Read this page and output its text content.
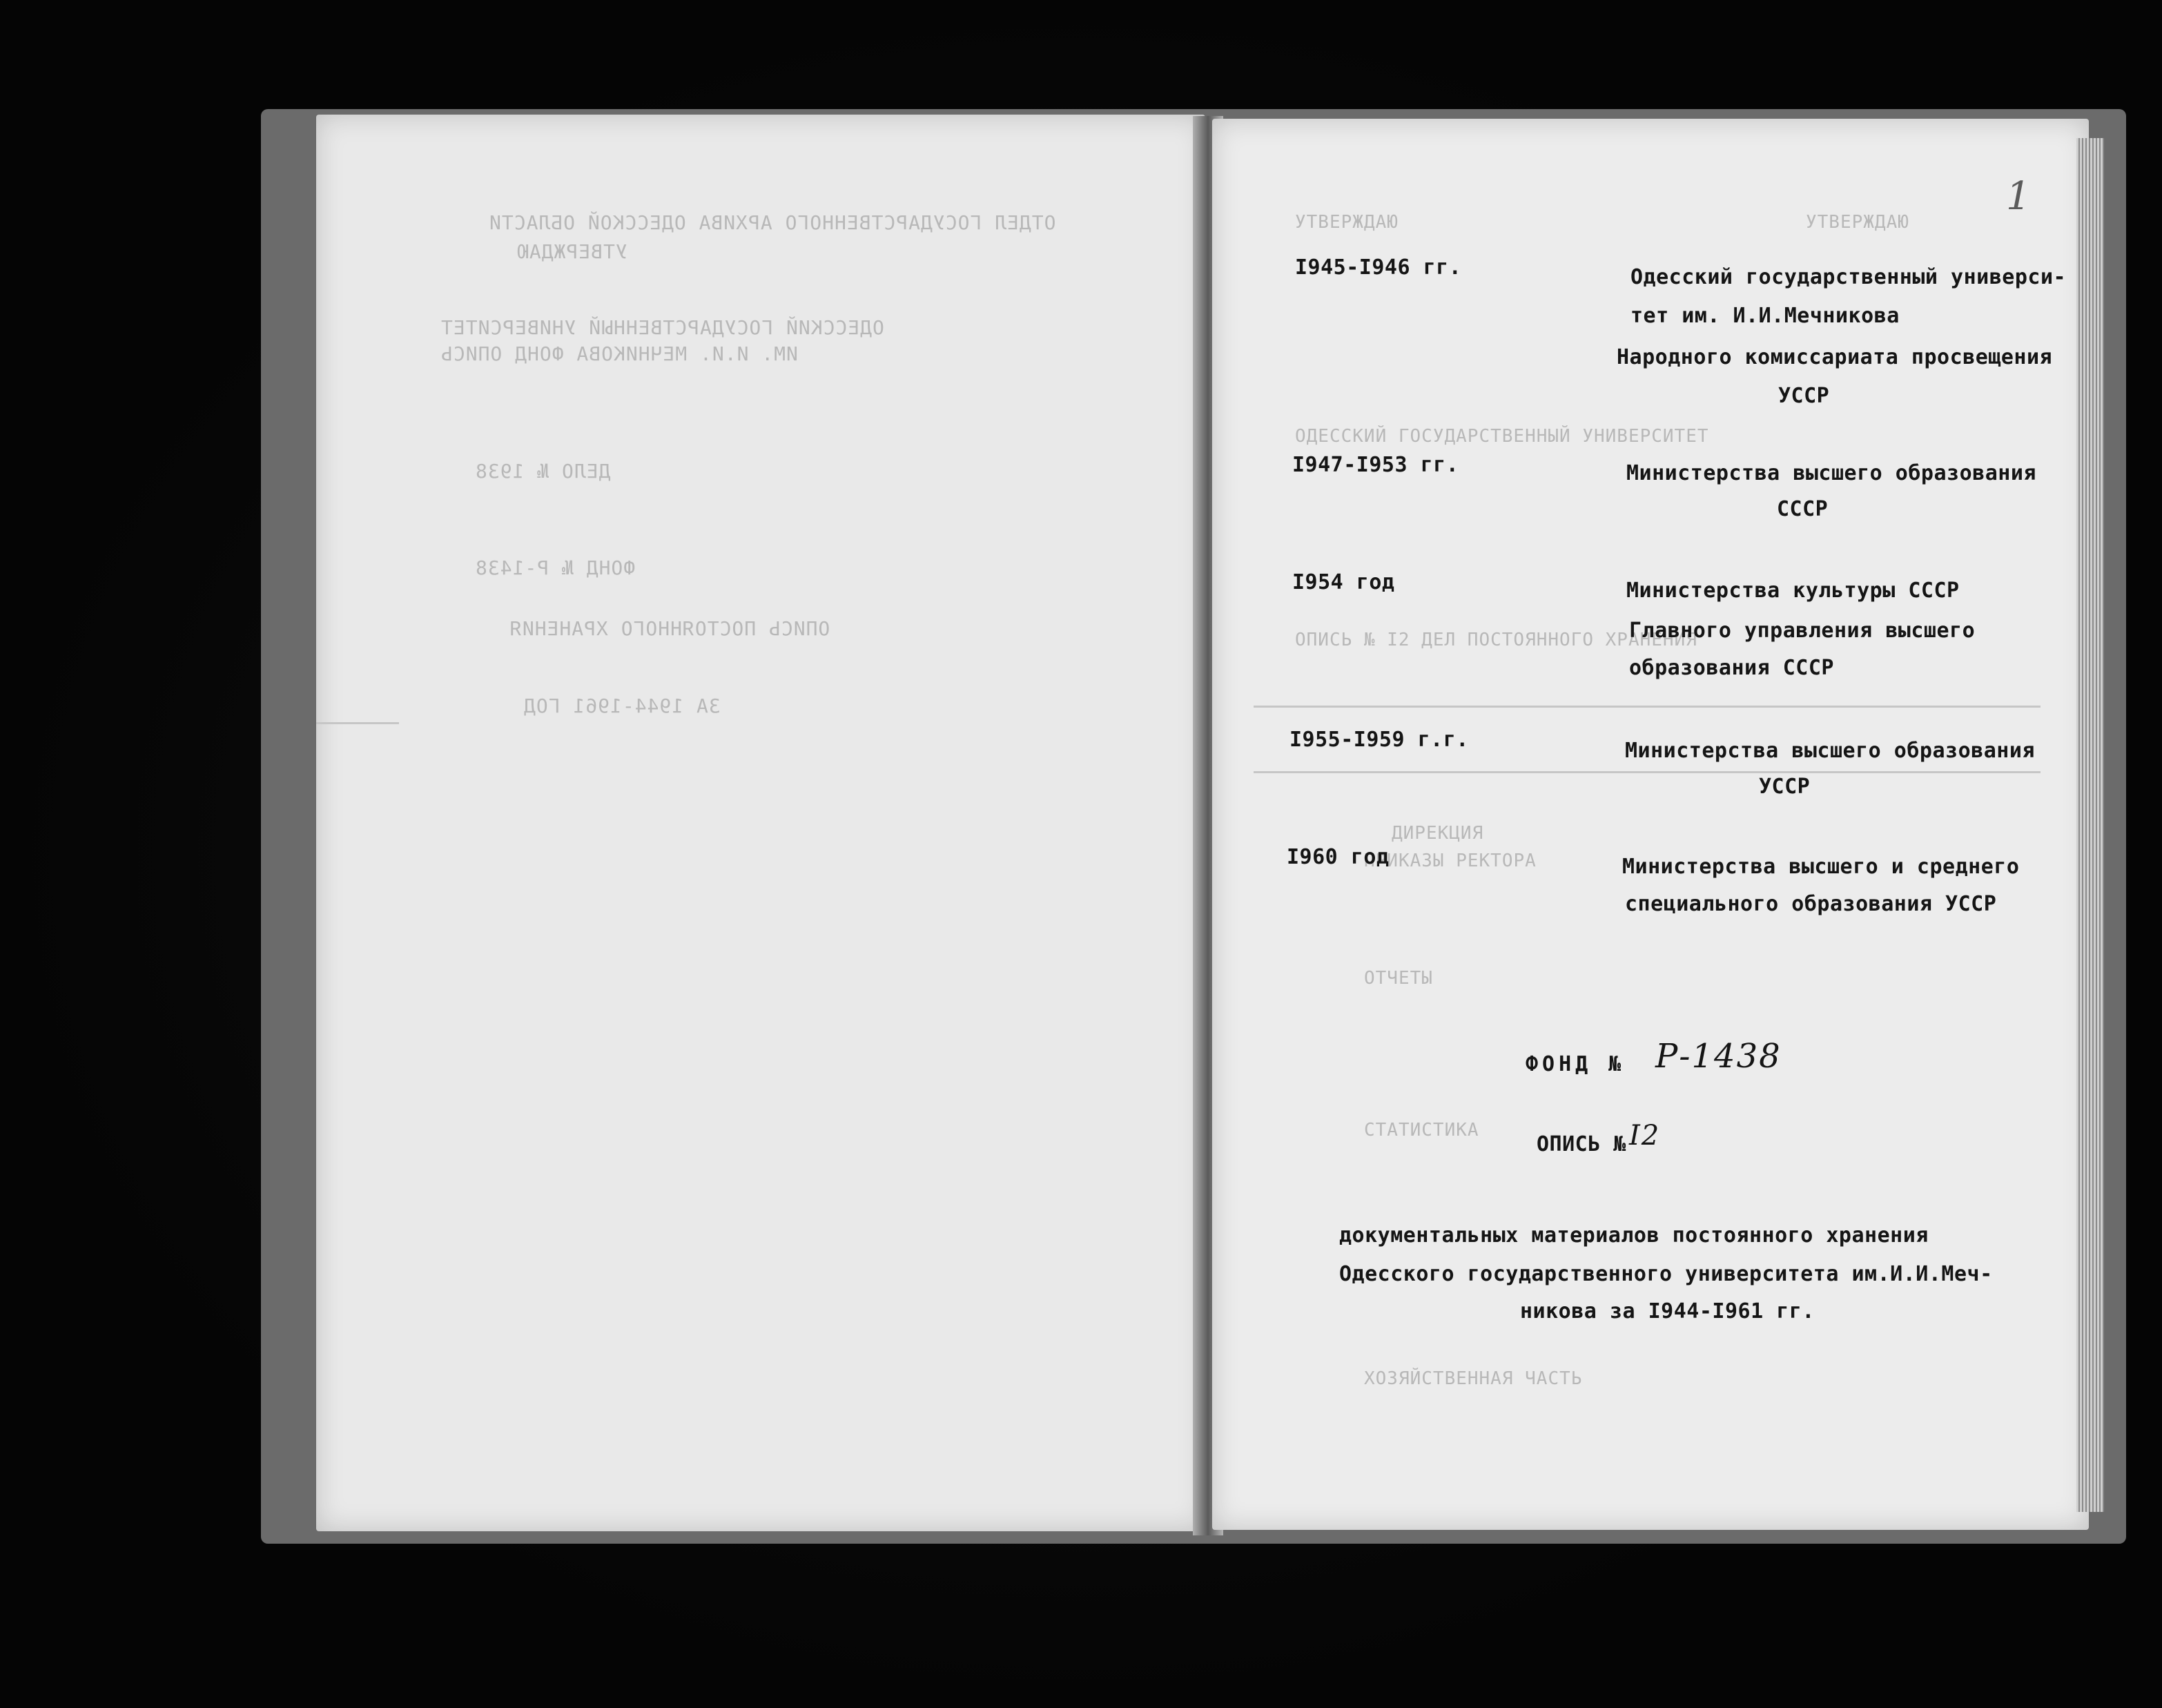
ОТДЕЛ ГОСУДАРСТВЕННОГО АРХИВА ОДЕССКОЙ ОБЛАСТИ
УТВЕРЖДАЮ
ОДЕССКИЙ ГОСУДАРСТВЕННЫЙ УНИВЕРСИТЕТ
ИМ. И.И. МЕЧНИКОВА ФОНД ОПИСЬ
ДЕЛО № 1938
ФОНД № Р-1438
ОПИСЬ ПОСТОЯННОГО ХРАНЕНИЯ
ЗА 1944-1961 ГОД
УТВЕРЖДАЮ	УТВЕРЖДАЮ
ОДЕССКИЙ ГОСУДАРСТВЕННЫЙ УНИВЕРСИТЕТ
ОПИСЬ № I2 ДЕЛ ПОСТОЯННОГО ХРАНЕНИЯ
ДИРЕКЦИЯ
ПРИКАЗЫ РЕКТОРА
ОТЧЕТЫ
СТАТИСТИКА
ХОЗЯЙСТВЕННАЯ ЧАСТЬ
1
I945-I946 гг.	Одесский государственный универси-
тет им. И.И.Мечникова
Народного комиссариата просвещения
УССР
I947-I953 гг.	Министерства высшего образования
СССР
I954 год	Министерства культуры СССР
Главного управления высшего
образования СССР
I955-I959 г.г.	Министерства высшего образования
УССР
I960 год	Министерства высшего и среднего
специального образования УССР
ФОНД № Р-1438
ОПИСЬ № I2
документальных материалов постоянного хранения
Одесского государственного университета им.И.И.Меч-
никова за I944-I961 гг.
